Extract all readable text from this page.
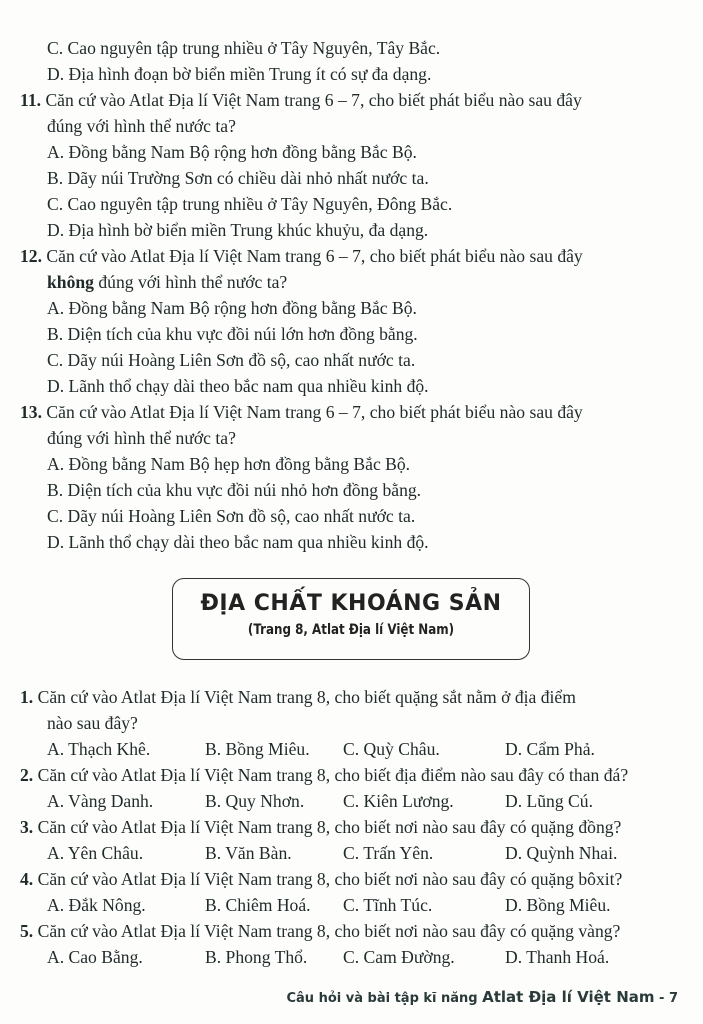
C. Cao nguyên tập trung nhiều ở Tây Nguyên, Tây Bắc.
D. Địa hình đoạn bờ biển miền Trung ít có sự đa dạng.
11. Căn cứ vào Atlat Địa lí Việt Nam trang 6 – 7, cho biết phát biểu nào sau đây
đúng với hình thể nước ta?
A. Đồng bằng Nam Bộ rộng hơn đồng bằng Bắc Bộ.
B. Dãy núi Trường Sơn có chiều dài nhỏ nhất nước ta.
C. Cao nguyên tập trung nhiều ở Tây Nguyên, Đông Bắc.
D. Địa hình bờ biển miền Trung khúc khuỷu, đa dạng.
12. Căn cứ vào Atlat Địa lí Việt Nam trang 6 – 7, cho biết phát biểu nào sau đây
không đúng với hình thể nước ta?
A. Đồng bằng Nam Bộ rộng hơn đồng bằng Bắc Bộ.
B. Diện tích của khu vực đồi núi lớn hơn đồng bằng.
C. Dãy núi Hoàng Liên Sơn đồ sộ, cao nhất nước ta.
D. Lãnh thổ chạy dài theo bắc nam qua nhiều kinh độ.
13. Căn cứ vào Atlat Địa lí Việt Nam trang 6 – 7, cho biết phát biểu nào sau đây
đúng với hình thể nước ta?
A. Đồng bằng Nam Bộ hẹp hơn đồng bằng Bắc Bộ.
B. Diện tích của khu vực đồi núi nhỏ hơn đồng bằng.
C. Dãy núi Hoàng Liên Sơn đồ sộ, cao nhất nước ta.
D. Lãnh thổ chạy dài theo bắc nam qua nhiều kinh độ.
ĐỊA CHẤT KHOÁNG SẢN
(Trang 8, Atlat Địa lí Việt Nam)
1. Căn cứ vào Atlat Địa lí Việt Nam trang 8, cho biết quặng sắt nằm ở địa điểm
nào sau đây?
A. Thạch Khê.	B. Bồng Miêu. C. Quỳ Châu.	D. Cẩm Phả.
2. Căn cứ vào Atlat Địa lí Việt Nam trang 8, cho biết địa điểm nào sau đây có than đá?
A. Vàng Danh.	B. Quy Nhơn. C. Kiên Lương.	D. Lũng Cú.
3. Căn cứ vào Atlat Địa lí Việt Nam trang 8, cho biết nơi nào sau đây có quặng đồng?
A. Yên Châu.	B. Văn Bàn.	C. Trấn Yên.	D. Quỳnh Nhai.
4. Căn cứ vào Atlat Địa lí Việt Nam trang 8, cho biết nơi nào sau đây có quặng bôxit?
A. Đắk Nông.	B. Chiêm Hoá. C. Tĩnh Túc.	D. Bồng Miêu.
5. Căn cứ vào Atlat Địa lí Việt Nam trang 8, cho biết nơi nào sau đây có quặng vàng?
A. Cao Bằng.	B. Phong Thổ. C. Cam Đường.	D. Thanh Hoá.
Câu hỏi và bài tập kĩ năng Atlat Địa lí Việt Nam - 7
